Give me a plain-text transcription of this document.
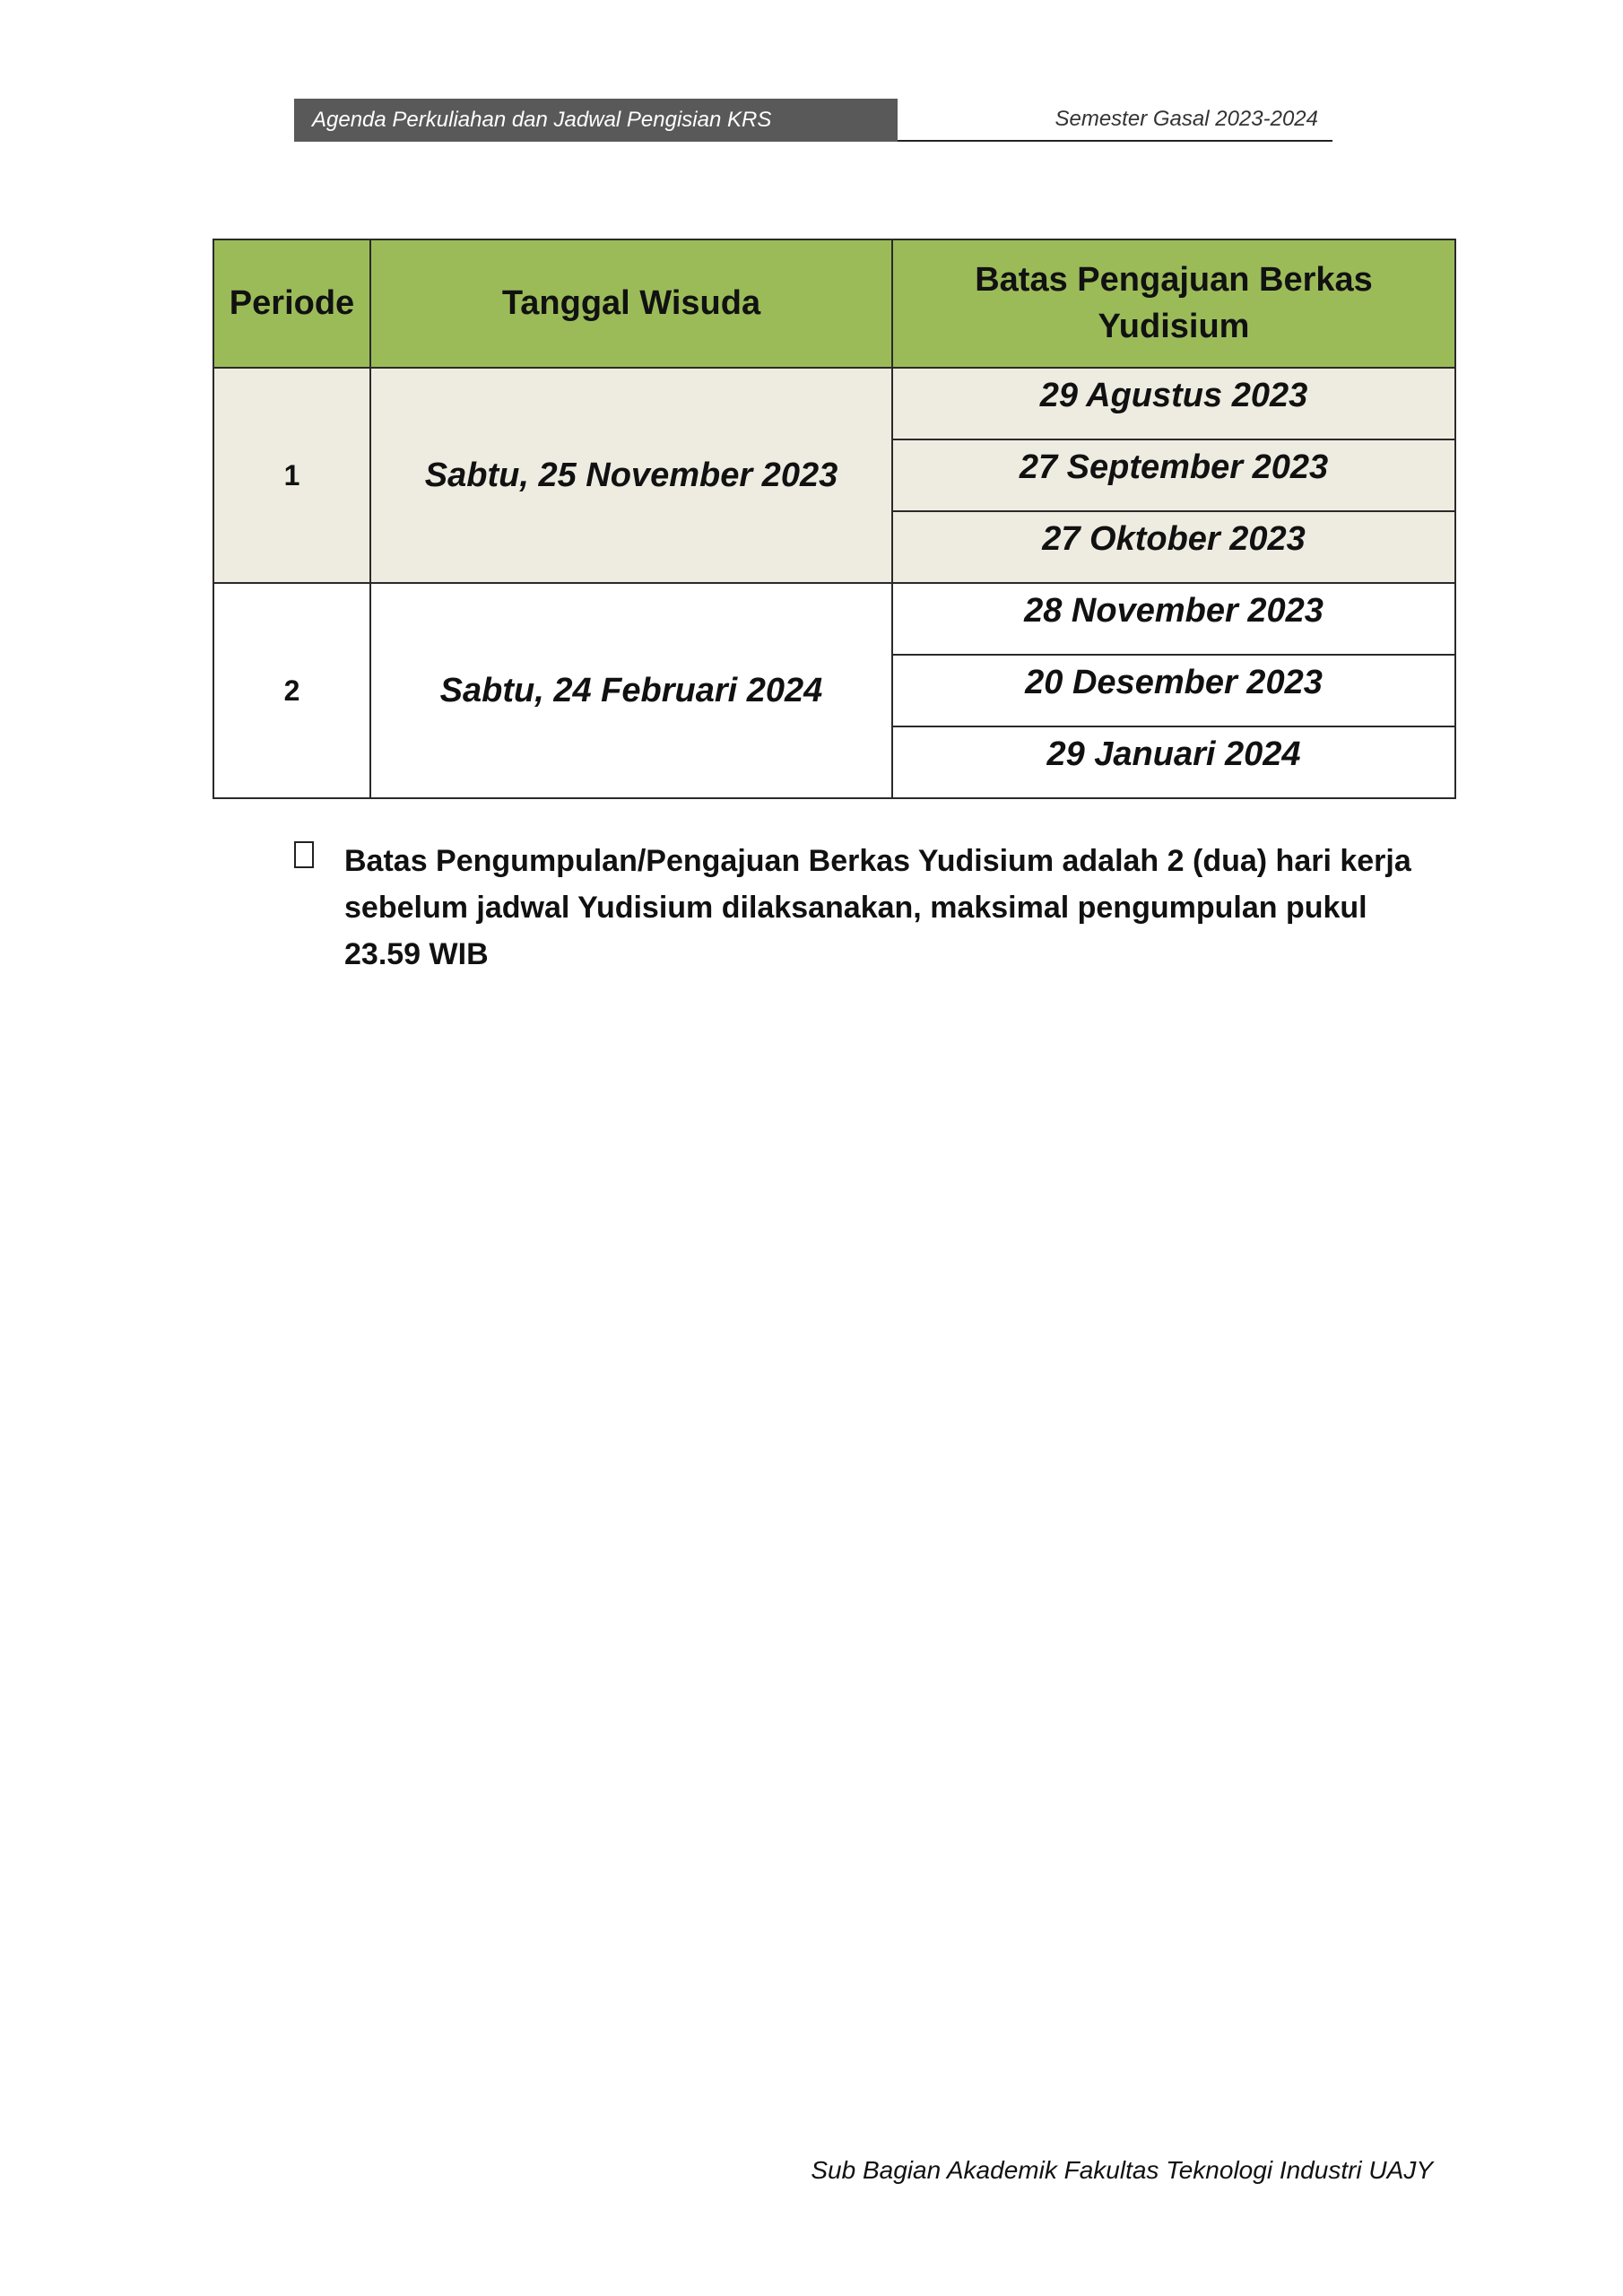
Agenda Perkuliahan dan Jadwal Pengisian KRS	Semester Gasal 2023-2024
Periode	Tanggal Wisuda	Batas Pengajuan Berkas Yudisium
1	Sabtu, 25 November 2023	29 Agustus 2023
		27 September 2023
		27 Oktober 2023
2	Sabtu, 24 Februari 2024	28 November 2023
		20 Desember 2023
		29 Januari 2024
Batas Pengumpulan/Pengajuan Berkas Yudisium adalah 2 (dua) hari kerja sebelum jadwal Yudisium dilaksanakan, maksimal pengumpulan pukul 23.59 WIB
Sub Bagian Akademik Fakultas Teknologi Industri UAJY
